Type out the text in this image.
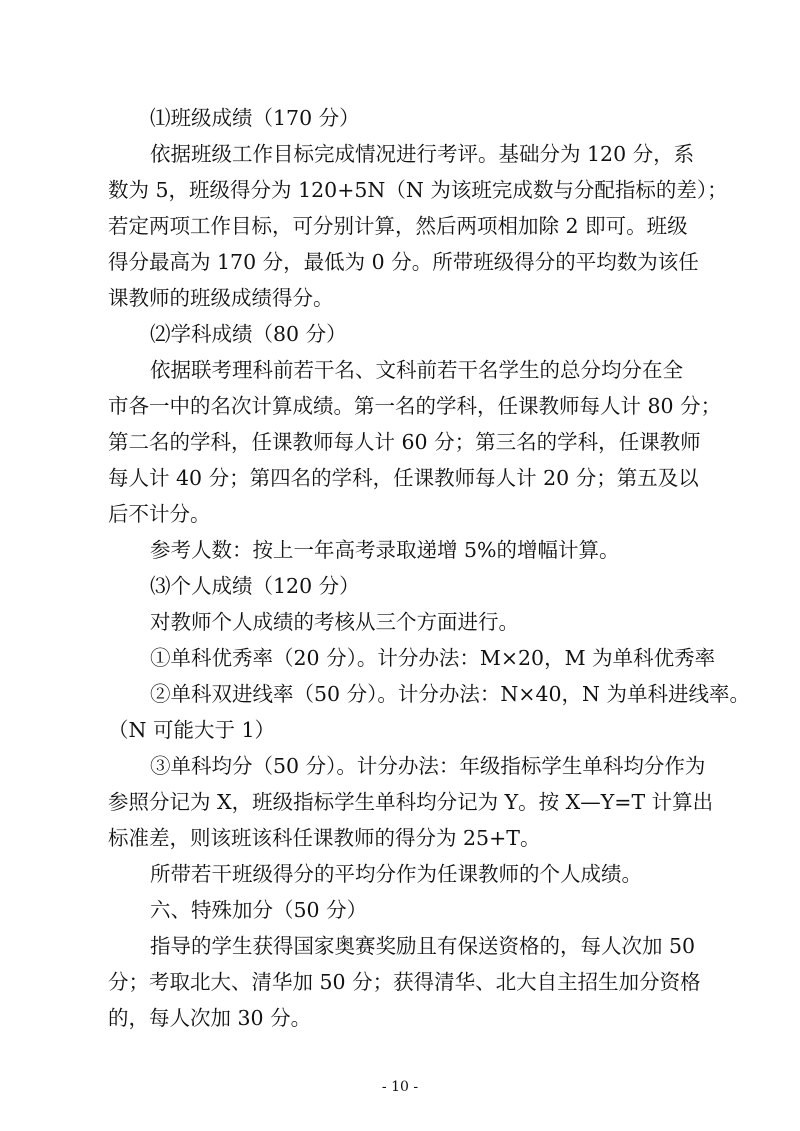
⑴班级成绩（170 分）
依据班级工作目标完成情况进行考评。基础分为 120 分，系
数为 5，班级得分为 120+5N（N 为该班完成数与分配指标的差）；
若定两项工作目标，可分别计算，然后两项相加除 2 即可。班级
得分最高为 170 分，最低为 0 分。所带班级得分的平均数为该任
课教师的班级成绩得分。
⑵学科成绩（80 分）
依据联考理科前若干名、文科前若干名学生的总分均分在全
市各一中的名次计算成绩。第一名的学科，任课教师每人计 80 分；
第二名的学科，任课教师每人计 60 分；第三名的学科，任课教师
每人计 40 分；第四名的学科，任课教师每人计 20 分；第五及以
后不计分。
参考人数：按上一年高考录取递增 5%的增幅计算。
⑶个人成绩（120 分）
对教师个人成绩的考核从三个方面进行。
①单科优秀率（20 分）。计分办法：M×20，M 为单科优秀率
②单科双进线率（50 分）。计分办法：N×40，N 为单科进线率。
（N 可能大于 1）
③单科均分（50 分）。计分办法：年级指标学生单科均分作为
参照分记为 X，班级指标学生单科均分记为 Y。按 X—Y=T 计算出
标准差，则该班该科任课教师的得分为 25+T。
所带若干班级得分的平均分作为任课教师的个人成绩。
六、特殊加分（50 分）
指导的学生获得国家奥赛奖励且有保送资格的，每人次加 50
分；考取北大、清华加 50 分；获得清华、北大自主招生加分资格
的，每人次加 30 分。
- 10 -
